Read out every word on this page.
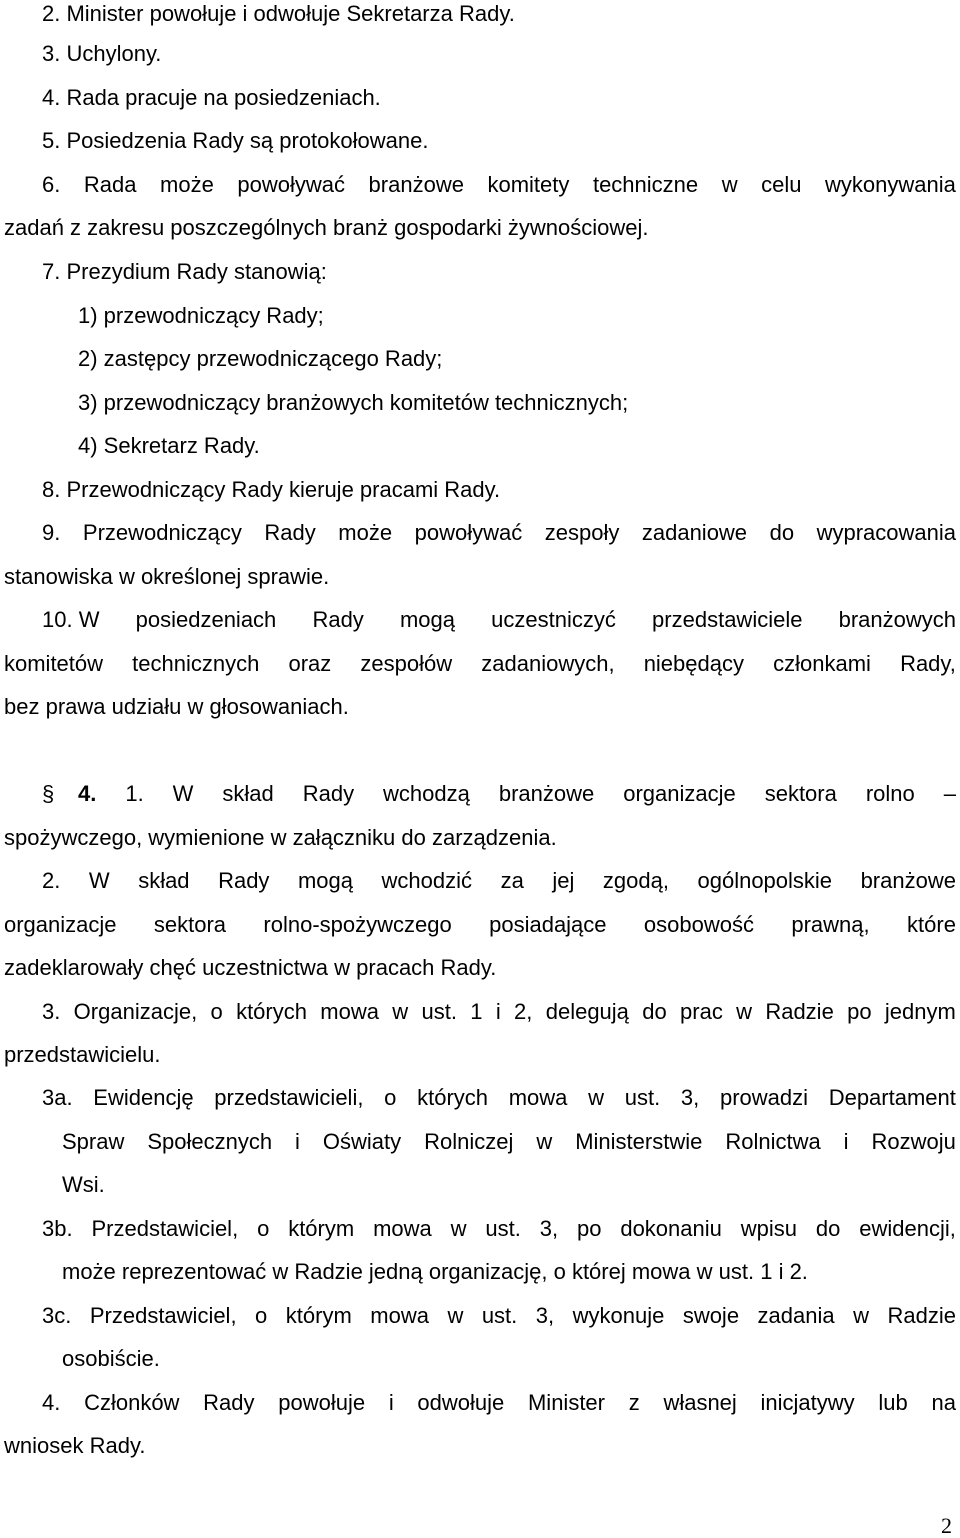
2. Minister powołuje i odwołuje Sekretarza Rady.
3. Uchylony.
4. Rada pracuje na posiedzeniach.
5. Posiedzenia Rady są protokołowane.
6. Rada może powoływać branżowe komitety techniczne w celu wykonywania
zadań z zakresu poszczególnych branż gospodarki żywnościowej.
7. Prezydium Rady stanowią:
1) przewodniczący Rady;
2) zastępcy przewodniczącego Rady;
3) przewodniczący branżowych komitetów technicznych;
4) Sekretarz Rady.
8. Przewodniczący Rady kieruje pracami Rady.
9. Przewodniczący Rady może powoływać zespoły zadaniowe do wypracowania
stanowiska w określonej sprawie.
10. W posiedzeniach Rady mogą uczestniczyć przedstawiciele branżowych
komitetów technicznych oraz zespołów zadaniowych, niebędący członkami Rady,
bez prawa udziału w głosowaniach.
§ 4. 1. W skład Rady wchodzą branżowe organizacje sektora rolno –
spożywczego, wymienione w załączniku do zarządzenia.
2. W skład Rady mogą wchodzić za jej zgodą, ogólnopolskie branżowe
organizacje sektora rolno-spożywczego posiadające osobowość prawną, które
zadeklarowały chęć uczestnictwa w pracach Rady.
3. Organizacje, o których mowa w ust. 1 i 2, delegują do prac w Radzie po jednym
przedstawicielu.
3a. Ewidencję przedstawicieli, o których mowa w ust. 3, prowadzi Departament
Spraw Społecznych i Oświaty Rolniczej w Ministerstwie Rolnictwa i Rozwoju
Wsi.
3b. Przedstawiciel, o którym mowa w ust. 3, po dokonaniu wpisu do ewidencji,
może reprezentować w Radzie jedną organizację, o której mowa w ust. 1 i 2.
3c. Przedstawiciel, o którym mowa w ust. 3, wykonuje swoje zadania w Radzie
osobiście.
4. Członków Rady powołuje i odwołuje Minister z własnej inicjatywy lub na
wniosek Rady.
2
